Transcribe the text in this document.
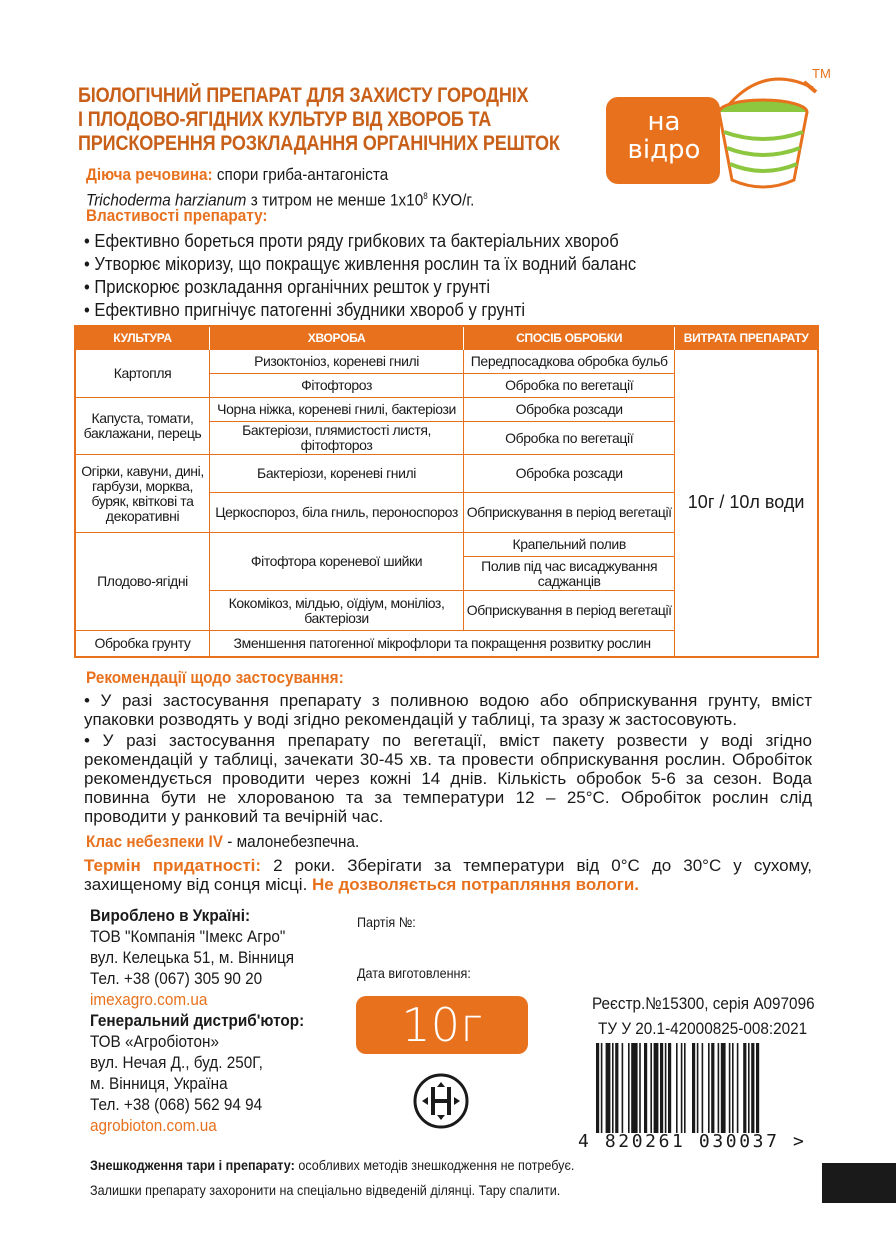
БІОЛОГІЧНИЙ ПРЕПАРАТ ДЛЯ ЗАХИСТУ ГОРОДНІХ
І ПЛОДОВО-ЯГІДНИХ КУЛЬТУР ВІД ХВОРОБ ТА
ПРИСКОРЕННЯ РОЗКЛАДАННЯ ОРГАНІЧНИХ РЕШТОК
на
відро
TM
Діюча речовина: спори гриба-антагоніста
Trichoderma harzianum з титром не менше $1x10^8$ КУО/г.
Властивості препарату:
• Ефективно бореться проти ряду грибкових та бактеріальних хвороб
• Утворює мікоризу, що покращує живлення рослин та їх водний баланс
• Прискорює розкладання органічних решток у грунті
• Ефективно пригнічує патогенні збудники хвороб у грунті
КУЛЬТУРА	ХВОРОБА	СПОСІБ ОБРОБКИ	ВИТРАТА ПРЕПАРАТУ
Картопля	Ризоктоніоз, кореневі гнилі	Передпосадкова обробка бульб	10г / 10л води
	Фітофтороз	Обробка по вегетації	
Капуста, томати, баклажани, перець	Чорна ніжка, кореневі гнилі, бактеріози	Обробка розсади	
	Бактеріози, плямистості листя, фітофтороз	Обробка по вегетації	
Огірки, кавуни, дині, гарбузи, морква, буряк, квіткові та декоративні	Бактеріози, кореневі гнилі	Обробка розсади	
	Церкоспороз, біла гниль, пероноспороз	Обприскування в період вегетації	
Плодово-ягідні	Фітофтора кореневої шийки	Крапельний полив	
		Полив під час висаджування саджанців	
	Кокомікоз, мілдью, оїдіум, моніліоз, бактеріози	Обприскування в період вегетації	
Обробка грунту	Зменшення патогенної мікрофлори та покращення розвитку рослин		
Рекомендації щодо застосування:
• У разі застосування препарату з поливною водою або обприскування грунту, вміст упаковки розводять у воді згідно рекомендацій у таблиці, та зразу ж застосовують.
• У разі застосування препарату по вегетації, вміст пакету розвести у воді згідно рекомендацій у таблиці, зачекати 30-45 хв. та провести обприскування рослин. Обробіток рекомендується проводити через кожні 14 днів. Кількість обробок 5-6 за сезон. Вода повинна бути не хлорованою та за температури 12 – 25°С. Обробіток рослин слід проводити у ранковий та вечірній час.
Клас небезпеки IV - малонебезпечна.
Термін придатності: 2 роки. Зберігати за температури від 0°С до 30°С у сухому, захищеному від сонця місці. Не дозволяється потрапляння вологи.
Вироблено в Україні:
ТОВ "Компанія "Імекс Агро"
вул. Келецька 51, м. Вінниця
Тел. +38 (067) 305 90 20
imexagro.com.ua
Генеральний дистриб'ютор:
ТОВ «Агробіотон»
вул. Нечая Д., буд. 250Г,
м. Вінниця, Україна
Тел. +38 (068) 562 94 94
agrobioton.com.ua
Партія №:
Дата виготовлення:
10г	Реєстр.№15300, серія А097096
ТУ У 20.1-42000825-008:2021
4 820261 030037 >
Знешкодження тари і препарату: особливих методів знешкодження не потребує.
Залишки препарату захоронити на спеціально відведеній ділянці. Тару спалити.
